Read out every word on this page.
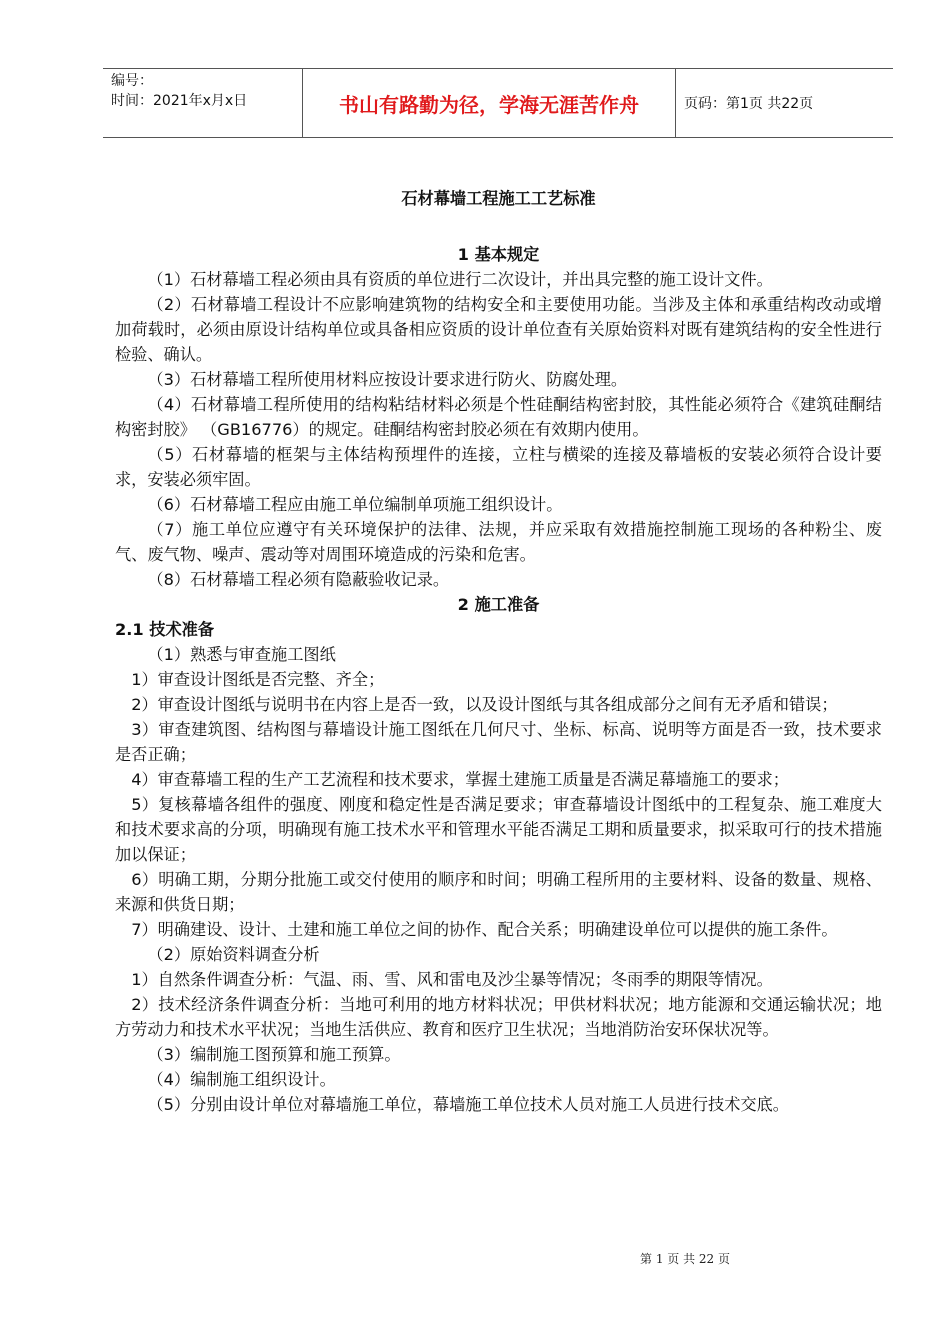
编号：
时间：2021年x月x日	书山有路勤为径，学海无涯苦作舟	页码：第1页 共22页

石材幕墙工程施工工艺标准

1 基本规定

（1）石材幕墙工程必须由具有资质的单位进行二次设计，并出具完整的施工设计文件。

（2）石材幕墙工程设计不应影响建筑物的结构安全和主要使用功能。当涉及主体和承重结构改动或增加荷载时，必须由原设计结构单位或具备相应资质的设计单位查有关原始资料对既有建筑结构的安全性进行检验、确认。

（3）石材幕墙工程所使用材料应按设计要求进行防火、防腐处理。

（4）石材幕墙工程所使用的结构粘结材料必须是个性硅酮结构密封胶，其性能必须符合《建筑硅酮结构密封胶》 （GB16776）的规定。硅酮结构密封胶必须在有效期内使用。

（5）石材幕墙的框架与主体结构预埋件的连接，立柱与横梁的连接及幕墙板的安装必须符合设计要求，安装必须牢固。

（6）石材幕墙工程应由施工单位编制单项施工组织设计。

（7）施工单位应遵守有关环境保护的法律、法规，并应采取有效措施控制施工现场的各种粉尘、废气、废气物、噪声、震动等对周围环境造成的污染和危害。

（8）石材幕墙工程必须有隐蔽验收记录。

2 施工准备

2.1 技术准备

（1）熟悉与审查施工图纸

1）审查设计图纸是否完整、齐全；

2）审查设计图纸与说明书在内容上是否一致，以及设计图纸与其各组成部分之间有无矛盾和错误；

3）审查建筑图、结构图与幕墙设计施工图纸在几何尺寸、坐标、标高、说明等方面是否一致，技术要求是否正确；

4）审查幕墙工程的生产工艺流程和技术要求，掌握土建施工质量是否满足幕墙施工的要求；

5）复核幕墙各组件的强度、刚度和稳定性是否满足要求；审查幕墙设计图纸中的工程复杂、施工难度大和技术要求高的分项，明确现有施工技术水平和管理水平能否满足工期和质量要求，拟采取可行的技术措施加以保证；

6）明确工期，分期分批施工或交付使用的顺序和时间；明确工程所用的主要材料、设备的数量、规格、来源和供货日期；

7）明确建设、设计、土建和施工单位之间的协作、配合关系；明确建设单位可以提供的施工条件。

（2）原始资料调查分析

1）自然条件调查分析：气温、雨、雪、风和雷电及沙尘暴等情况；冬雨季的期限等情况。

2）技术经济条件调查分析：当地可利用的地方材料状况；甲供材料状况；地方能源和交通运输状况；地方劳动力和技术水平状况；当地生活供应、教育和医疗卫生状况；当地消防治安环保状况等。

（3）编制施工图预算和施工预算。

（4）编制施工组织设计。

（5）分别由设计单位对幕墙施工单位，幕墙施工单位技术人员对施工人员进行技术交底。

第 1 页 共 22 页
